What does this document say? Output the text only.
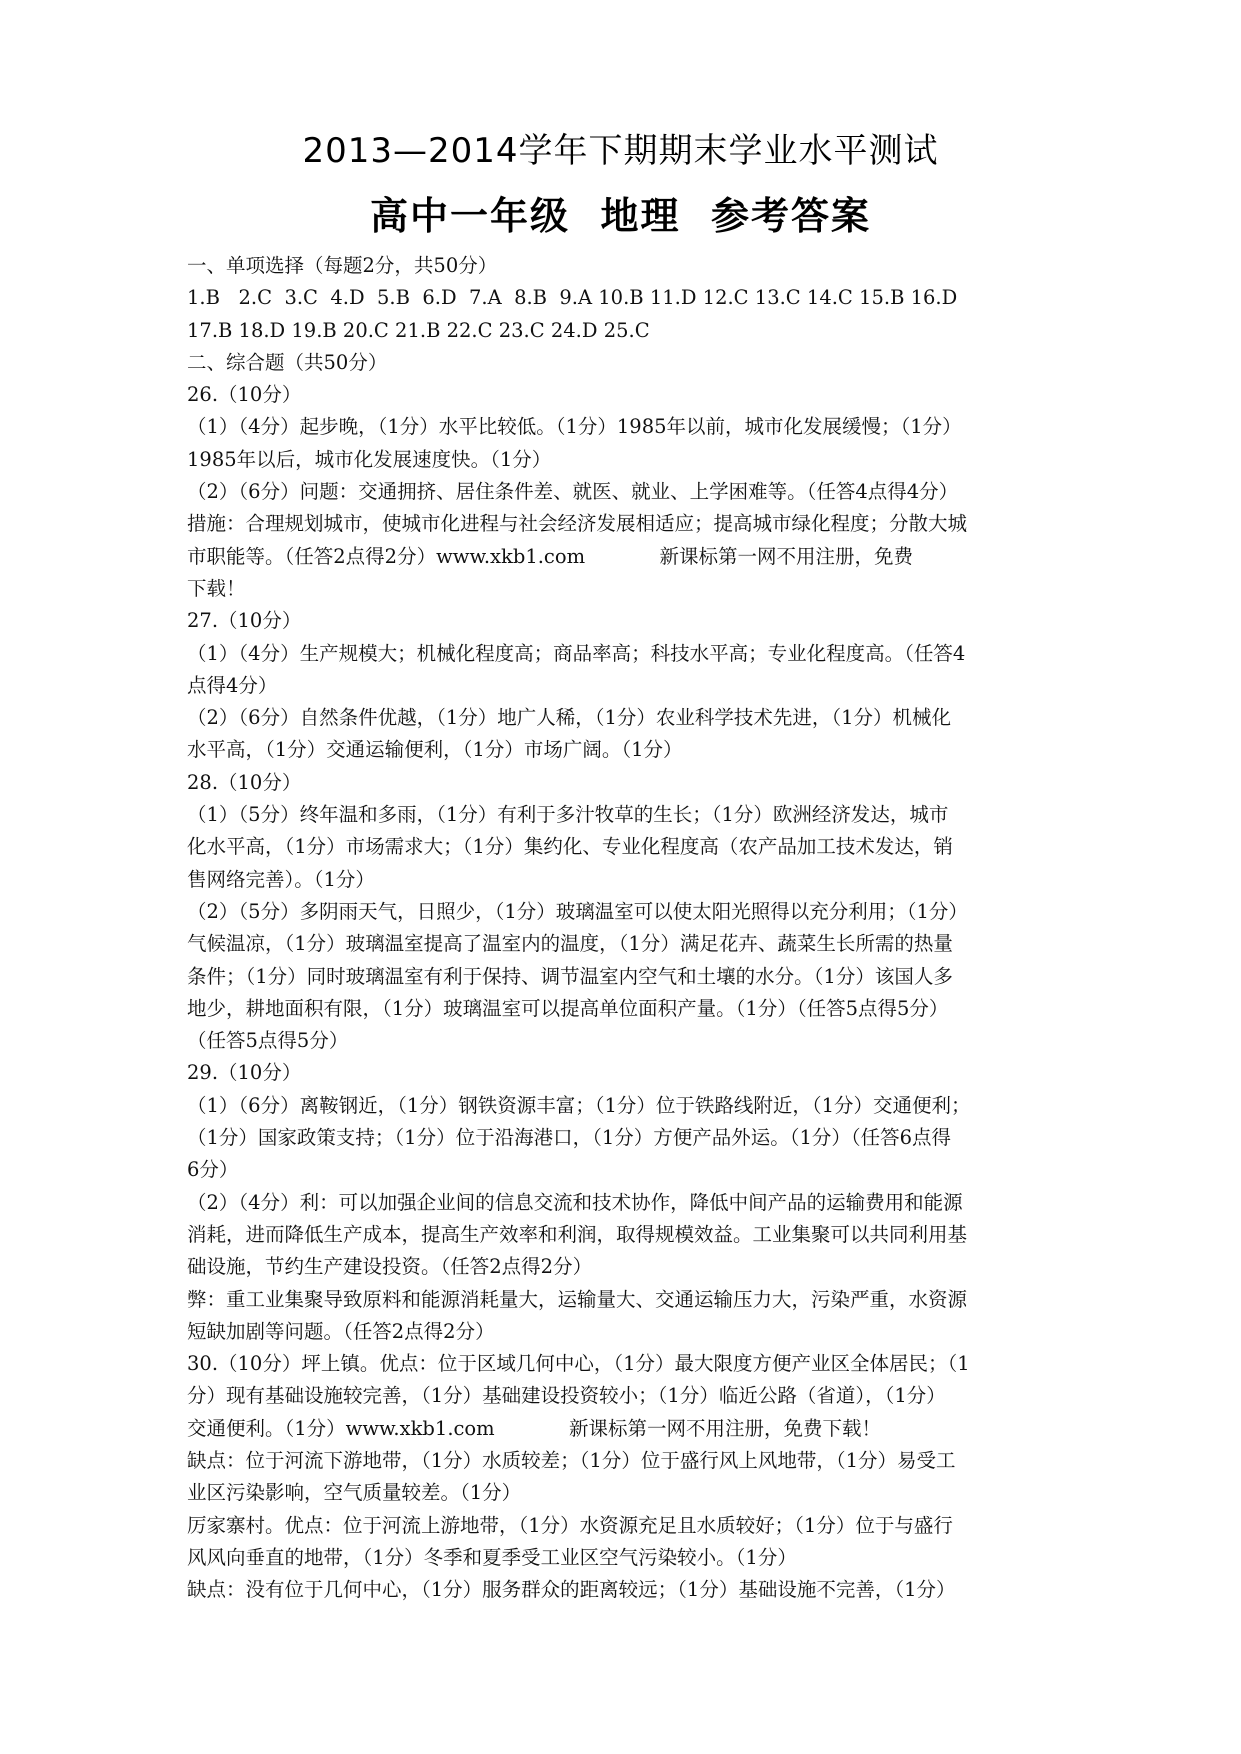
2013—2014学年下期期末学业水平测试
高中一年级  地理  参考答案
一、单项选择（每题2分，共50分）
1.B   2.C  3.C  4.D  5.B  6.D  7.A  8.B  9.A 10.B 11.D 12.C 13.C 14.C 15.B 16.D
17.B 18.D 19.B 20.C 21.B 22.C 23.C 24.D 25.C
二、综合题（共50分）
26.（10分）
（1）（4分）起步晚，（1分）水平比较低。（1分）1985年以前，城市化发展缓慢；（1分）
1985年以后，城市化发展速度快。（1分）
（2）（6分）问题：交通拥挤、居住条件差、就医、就业、上学困难等。（任答4点得4分）
措施：合理规划城市，使城市化进程与社会经济发展相适应；提高城市绿化程度；分散大城
市职能等。（任答2点得2分）www.xkb1.com            新课标第一网不用注册，免费
下载！
27.（10分）
（1）（4分）生产规模大；机械化程度高；商品率高；科技水平高；专业化程度高。（任答4
点得4分）
（2）（6分）自然条件优越，（1分）地广人稀，（1分）农业科学技术先进，（1分）机械化
水平高，（1分）交通运输便利，（1分）市场广阔。（1分）
28.（10分）
（1）（5分）终年温和多雨，（1分）有利于多汁牧草的生长；（1分）欧洲经济发达，城市
化水平高，（1分）市场需求大；（1分）集约化、专业化程度高（农产品加工技术发达，销
售网络完善）。（1分）
（2）（5分）多阴雨天气，日照少，（1分）玻璃温室可以使太阳光照得以充分利用；（1分）
气候温凉，（1分）玻璃温室提高了温室内的温度，（1分）满足花卉、蔬菜生长所需的热量
条件；（1分）同时玻璃温室有利于保持、调节温室内空气和土壤的水分。（1分）该国人多
地少，耕地面积有限，（1分）玻璃温室可以提高单位面积产量。（1分）（任答5点得5分）
（任答5点得5分）
29.（10分）
（1）（6分）离鞍钢近，（1分）钢铁资源丰富；（1分）位于铁路线附近，（1分）交通便利；
（1分）国家政策支持；（1分）位于沿海港口，（1分）方便产品外运。（1分）（任答6点得
6分）
（2）（4分）利：可以加强企业间的信息交流和技术协作，降低中间产品的运输费用和能源
消耗，进而降低生产成本，提高生产效率和利润，取得规模效益。工业集聚可以共同利用基
础设施，节约生产建设投资。（任答2点得2分）
弊：重工业集聚导致原料和能源消耗量大，运输量大、交通运输压力大，污染严重，水资源
短缺加剧等问题。（任答2点得2分）
30.（10分）坪上镇。优点：位于区域几何中心，（1分）最大限度方便产业区全体居民；（1
分）现有基础设施较完善，（1分）基础建设投资较小；（1分）临近公路（省道），（1分）
交通便利。（1分）www.xkb1.com            新课标第一网不用注册，免费下载！
缺点：位于河流下游地带，（1分）水质较差；（1分）位于盛行风上风地带，（1分）易受工
业区污染影响，空气质量较差。（1分）
厉家寨村。优点：位于河流上游地带，（1分）水资源充足且水质较好；（1分）位于与盛行
风风向垂直的地带，（1分）冬季和夏季受工业区空气污染较小。（1分）
缺点：没有位于几何中心，（1分）服务群众的距离较远；（1分）基础设施不完善，（1分）
